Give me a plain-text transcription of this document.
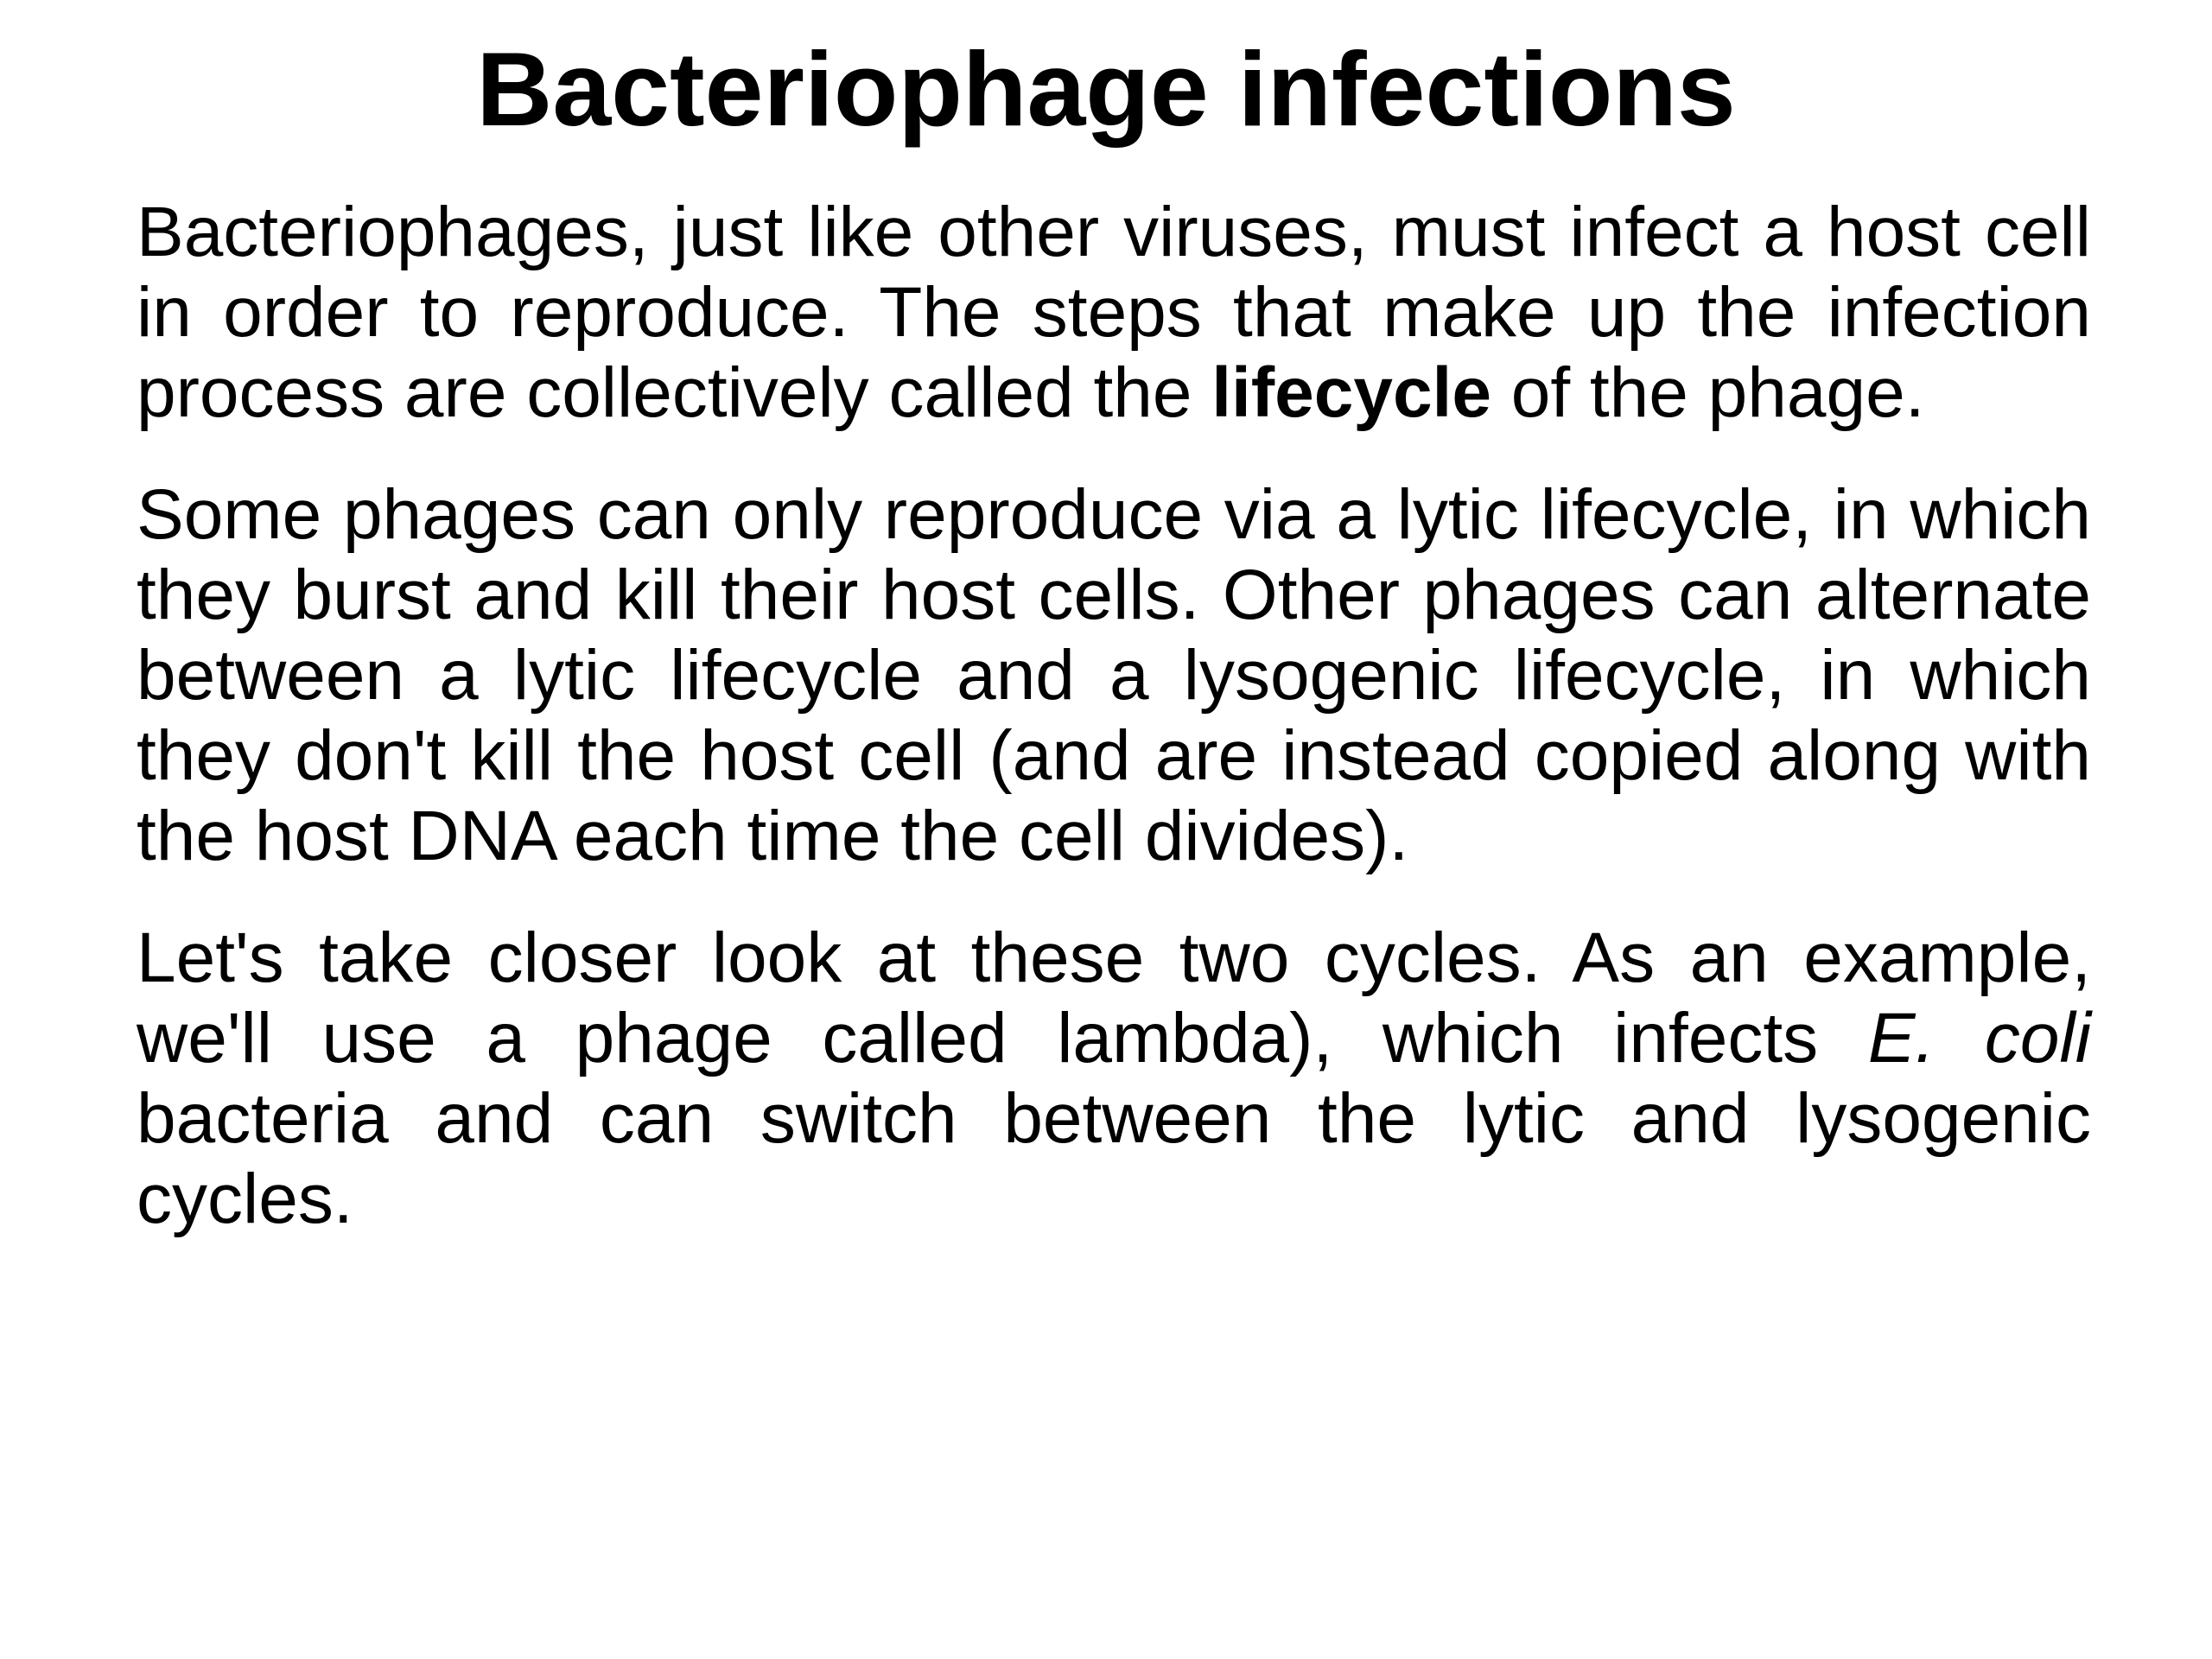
Bacteriophage infections

Bacteriophages, just like other viruses, must infect a host cell in order to reproduce. The steps that make up the infection process are collectively called the lifecycle of the phage.

Some phages can only reproduce via a lytic lifecycle, in which they burst and kill their host cells. Other phages can alternate between a lytic lifecycle and a lysogenic lifecycle, in which they don't kill the host cell (and are instead copied along with the host DNA each time the cell divides).

Let's take closer look at these two cycles. As an example, we'll use a phage called lambda), which infects E. coli bacteria and can switch between the lytic and lysogenic cycles.
